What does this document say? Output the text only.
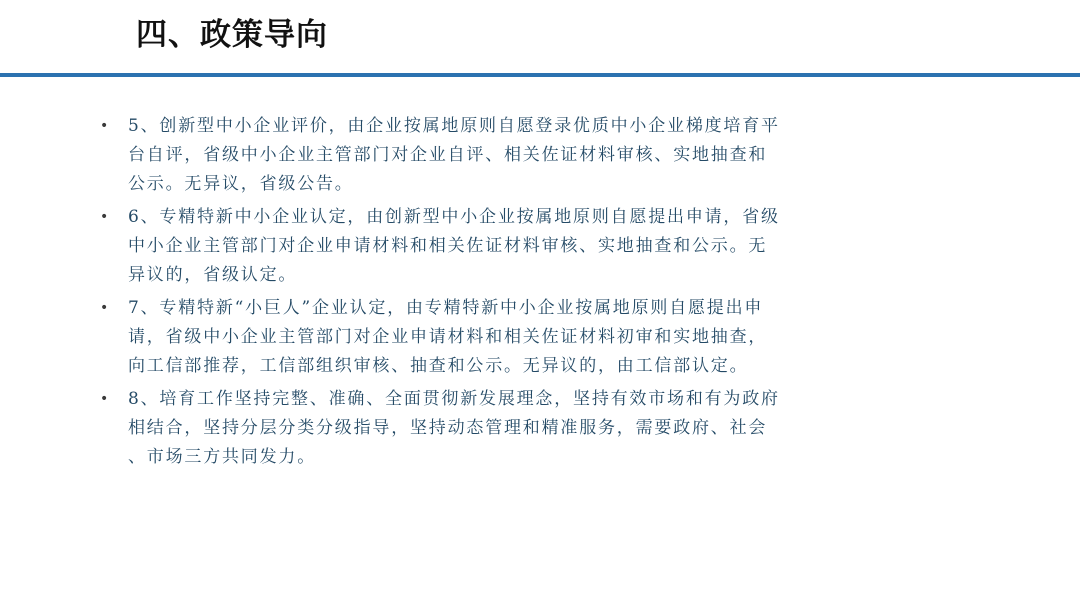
四、政策导向
• 5、创新型中小企业评价，由企业按属地原则自愿登录优质中小企业梯度培育平
台自评，省级中小企业主管部门对企业自评、相关佐证材料审核、实地抽查和
公示。无异议，省级公告。
• 6、专精特新中小企业认定，由创新型中小企业按属地原则自愿提出申请，省级
中小企业主管部门对企业申请材料和相关佐证材料审核、实地抽查和公示。无
异议的，省级认定。
• 7、专精特新“小巨人”企业认定，由专精特新中小企业按属地原则自愿提出申
请，省级中小企业主管部门对企业申请材料和相关佐证材料初审和实地抽查，
向工信部推荐，工信部组织审核、抽查和公示。无异议的，由工信部认定。
• 8、培育工作坚持完整、准确、全面贯彻新发展理念，坚持有效市场和有为政府
相结合，坚持分层分类分级指导，坚持动态管理和精准服务，需要政府、社会
、市场三方共同发力。
